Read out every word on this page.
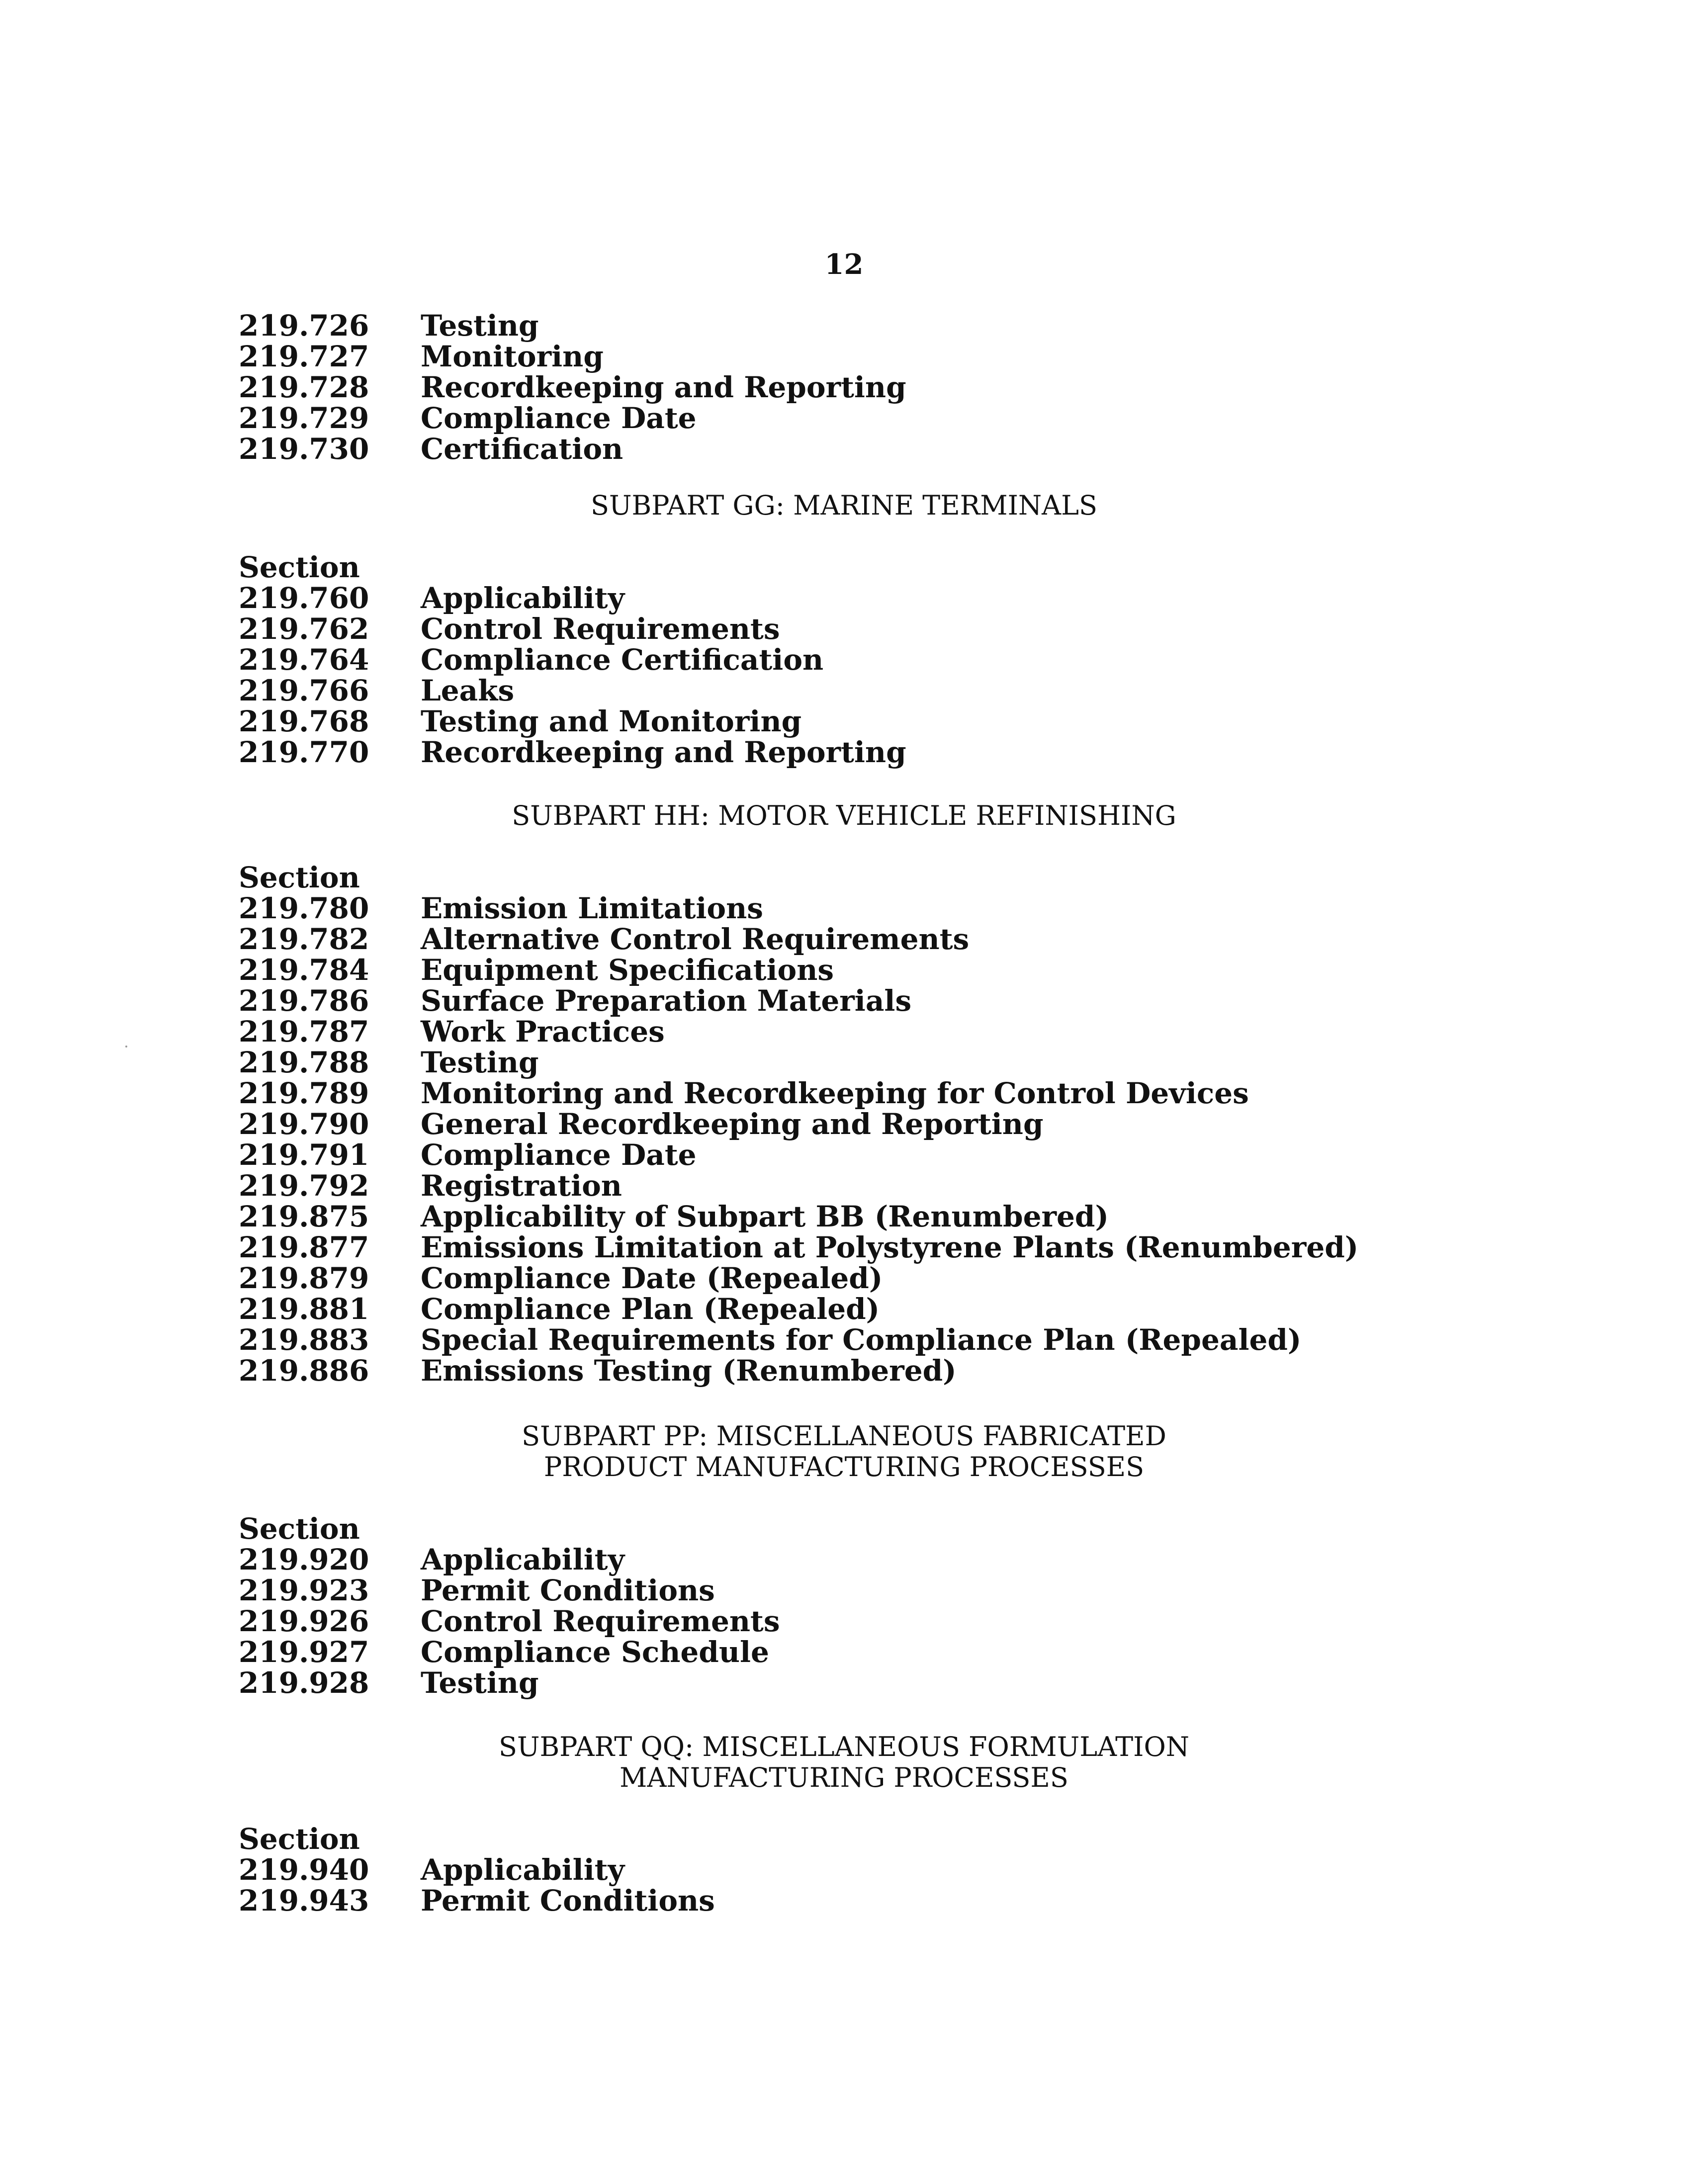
12
219.726	Testing
219.727	Monitoring
219.728	Recordkeeping and Reporting
219.729	Compliance Date
219.730	Certification
SUBPART GG: MARINE TERMINALS
Section
219.760	Applicability
219.762	Control Requirements
219.764	Compliance Certification
219.766	Leaks
219.768	Testing and Monitoring
219.770	Recordkeeping and Reporting
SUBPART HH: MOTOR VEHICLE REFINISHING
Section
219.780	Emission Limitations
219.782	Alternative Control Requirements
219.784	Equipment Specifications
219.786	Surface Preparation Materials
219.787	Work Practices
219.788	Testing
219.789	Monitoring and Recordkeeping for Control Devices
219.790	General Recordkeeping and Reporting
219.791	Compliance Date
219.792	Registration
219.875	Applicability of Subpart BB (Renumbered)
219.877	Emissions Limitation at Polystyrene Plants (Renumbered)
219.879	Compliance Date (Repealed)
219.881	Compliance Plan (Repealed)
219.883	Special Requirements for Compliance Plan (Repealed)
219.886	Emissions Testing (Renumbered)
SUBPART PP: MISCELLANEOUS FABRICATED
PRODUCT MANUFACTURING PROCESSES
Section
219.920	Applicability
219.923	Permit Conditions
219.926	Control Requirements
219.927	Compliance Schedule
219.928	Testing
SUBPART QQ: MISCELLANEOUS FORMULATION
MANUFACTURING PROCESSES
Section
219.940	Applicability
219.943	Permit Conditions
